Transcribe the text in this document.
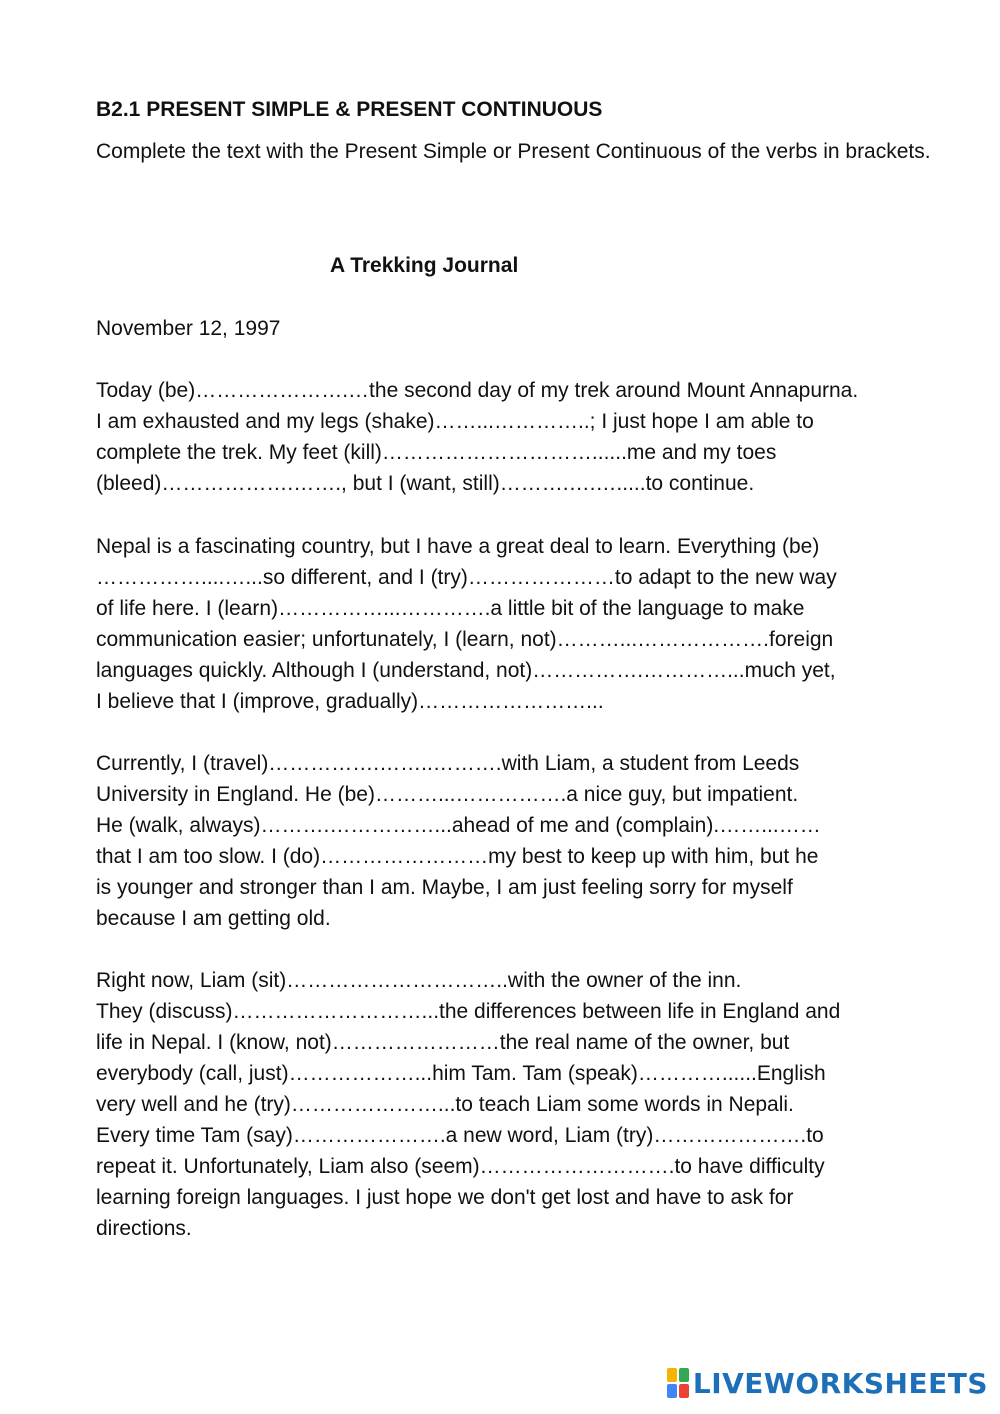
B2.1 PRESENT SIMPLE & PRESENT CONTINUOUS
Complete the text with the Present Simple or Present Continuous of the verbs in brackets.
A Trekking Journal
November 12, 1997
Today (be)………………….…the second day of my trek around Mount Annapurna.
I am exhausted and my legs (shake)……...…………..; I just hope I am able to
complete the trek. My feet (kill)…………………………......me and my toes
(bleed)……………….……., but I (want, still)……….….….....to continue.
Nepal is a fascinating country, but I have a great deal to learn. Everything (be)
……………....…...so different, and I (try)…………………to adapt to the new way
of life here. I (learn)……………...………….a little bit of the language to make
communication easier; unfortunately, I (learn, not)………...……………….foreign
languages quickly. Although I (understand, not)…………….…………...much yet,
I believe that I (improve, gradually)……………………...
Currently, I (travel)…………….……..……….with Liam, a student from Leeds
University in England. He (be)………...…………….a nice guy, but impatient.
He (walk, always)……….……………...ahead of me and (complain).……...……
that I am too slow. I (do)……………………my best to keep up with him, but he
is younger and stronger than I am. Maybe, I am just feeling sorry for myself
because I am getting old.
Right now, Liam (sit)…………………………..with the owner of the inn.
They (discuss)………………………...the differences between life in England and
life in Nepal. I (know, not)……………………the real name of the owner, but
everybody (call, just)………………...him Tam. Tam (speak)…………......English
very well and he (try)…………………...to teach Liam some words in Nepali.
Every time Tam (say)………………….a new word, Liam (try)………………….to
repeat it. Unfortunately, Liam also (seem)……………………….to have difficulty
learning foreign languages. I just hope we don't get lost and have to ask for
directions.
LIVEWORKSHEETS
